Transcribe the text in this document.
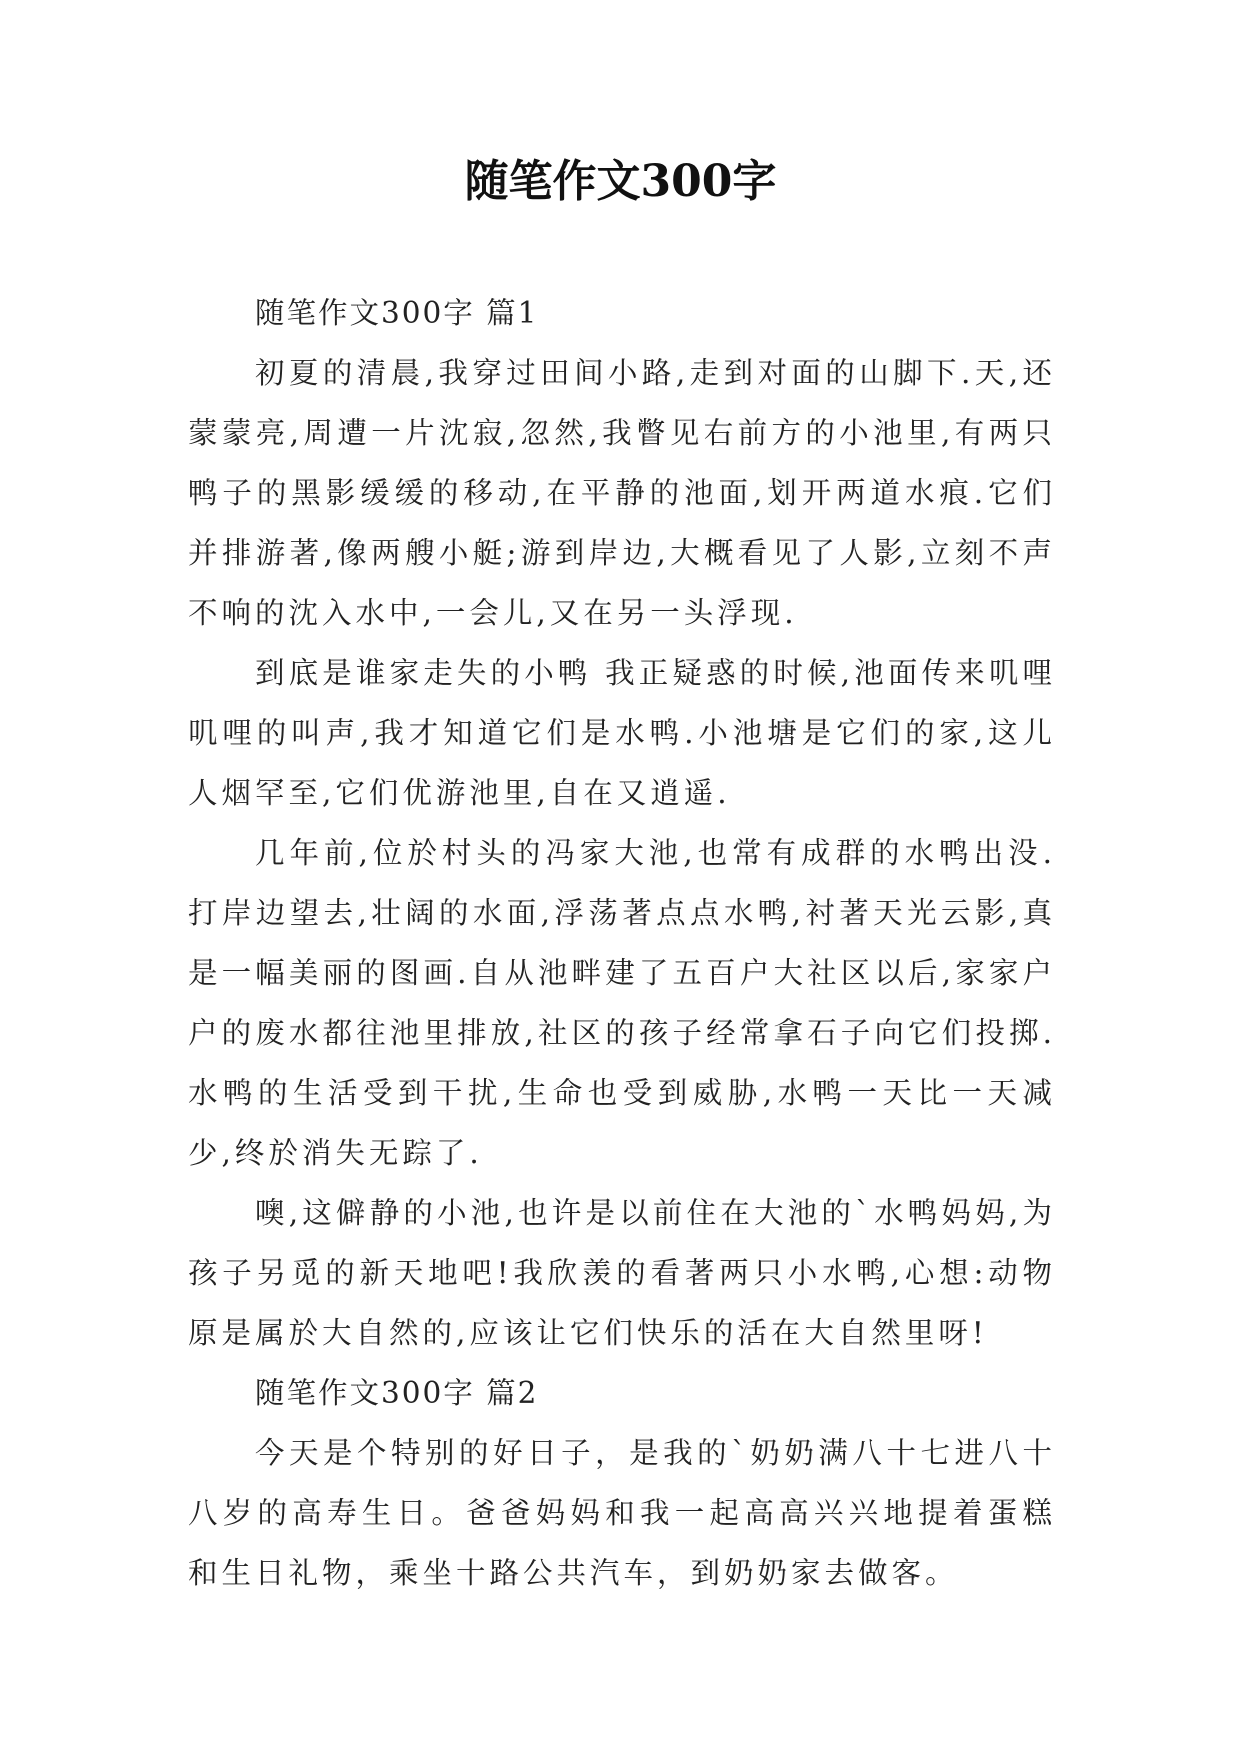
随笔作文300字

随笔作文300字 篇1

初夏的清晨,我穿过田间小路,走到对面的山脚下.天,还蒙蒙亮,周遭一片沈寂,忽然,我瞥见右前方的小池里,有两只鸭子的黑影缓缓的移动,在平静的池面,划开两道水痕.它们并排游著,像两艘小艇;游到岸边,大概看见了人影,立刻不声不响的沈入水中,一会儿,又在另一头浮现.

到底是谁家走失的小鸭 我正疑惑的时候,池面传来叽哩叽哩的叫声,我才知道它们是水鸭.小池塘是它们的家,这儿人烟罕至,它们优游池里,自在又逍遥.

几年前,位於村头的冯家大池,也常有成群的水鸭出没.打岸边望去,壮阔的水面,浮荡著点点水鸭,衬著天光云影,真是一幅美丽的图画.自从池畔建了五百户大社区以后,家家户户的废水都往池里排放,社区的孩子经常拿石子向它们投掷.水鸭的生活受到干扰,生命也受到威胁,水鸭一天比一天减少,终於消失无踪了.

噢,这僻静的小池,也许是以前住在大池的`水鸭妈妈,为孩子另觅的新天地吧!我欣羡的看著两只小水鸭,心想:动物原是属於大自然的,应该让它们快乐的活在大自然里呀!

随笔作文300字 篇2

今天是个特别的好日子，是我的`奶奶满八十七进八十八岁的高寿生日。爸爸妈妈和我一起高高兴兴地提着蛋糕和生日礼物，乘坐十路公共汽车，到奶奶家去做客。
